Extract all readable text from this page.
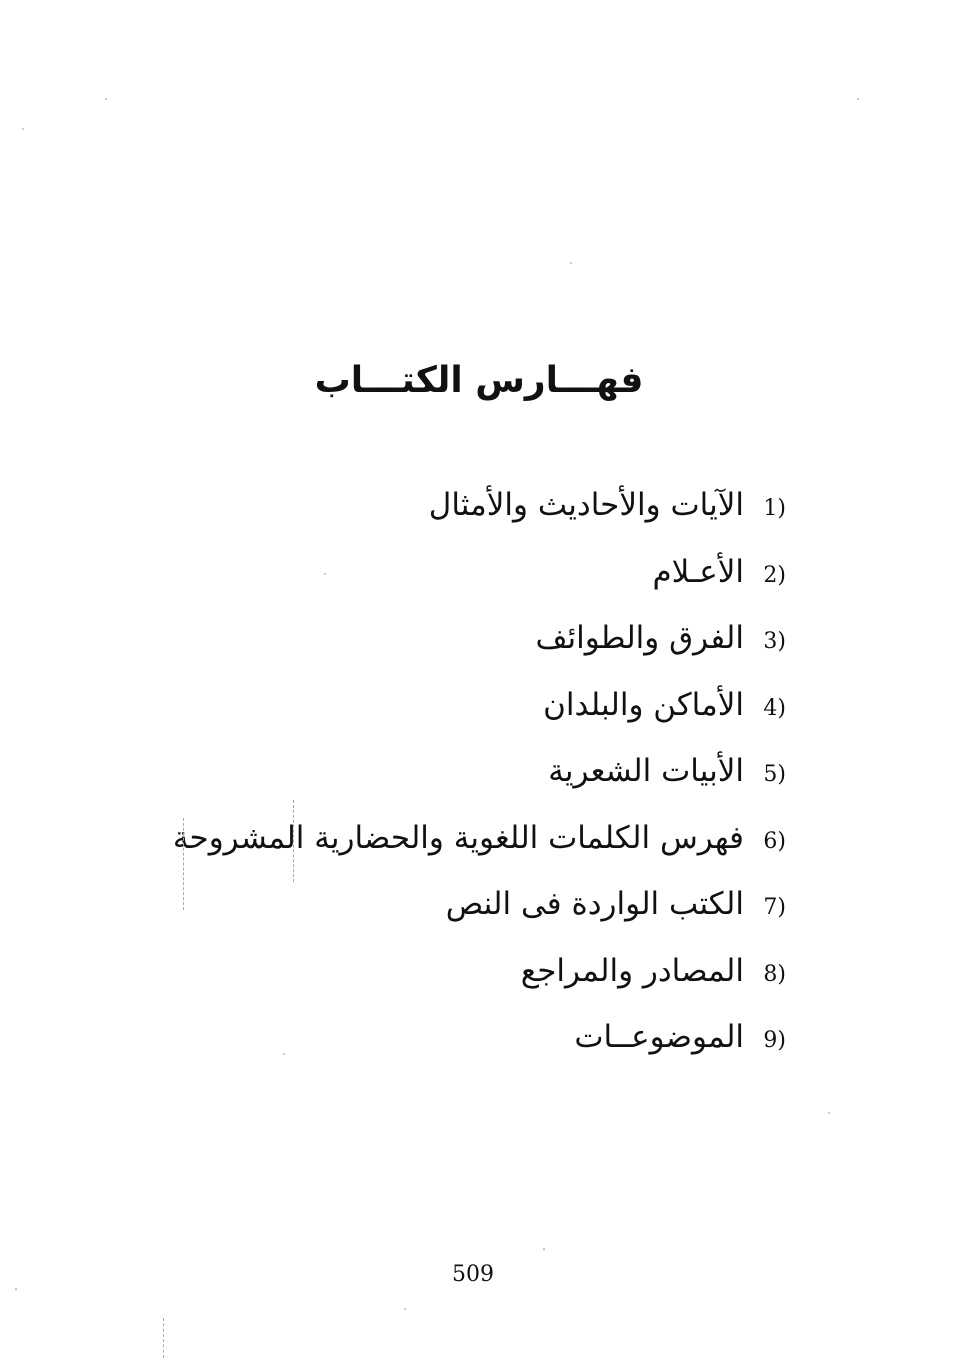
فهـــارس الكتـــاب
1)
الآيات والأحاديث والأمثال
2)
الأعـلام
3)
الفرق والطوائف
4)
الأماكن والبلدان
5)
الأبيات الشعرية
6)
فهرس الكلمات اللغوية والحضارية المشروحة
7)
الكتب الواردة فى النص
8)
المصادر والمراجع
9)
الموضوعــات
509
